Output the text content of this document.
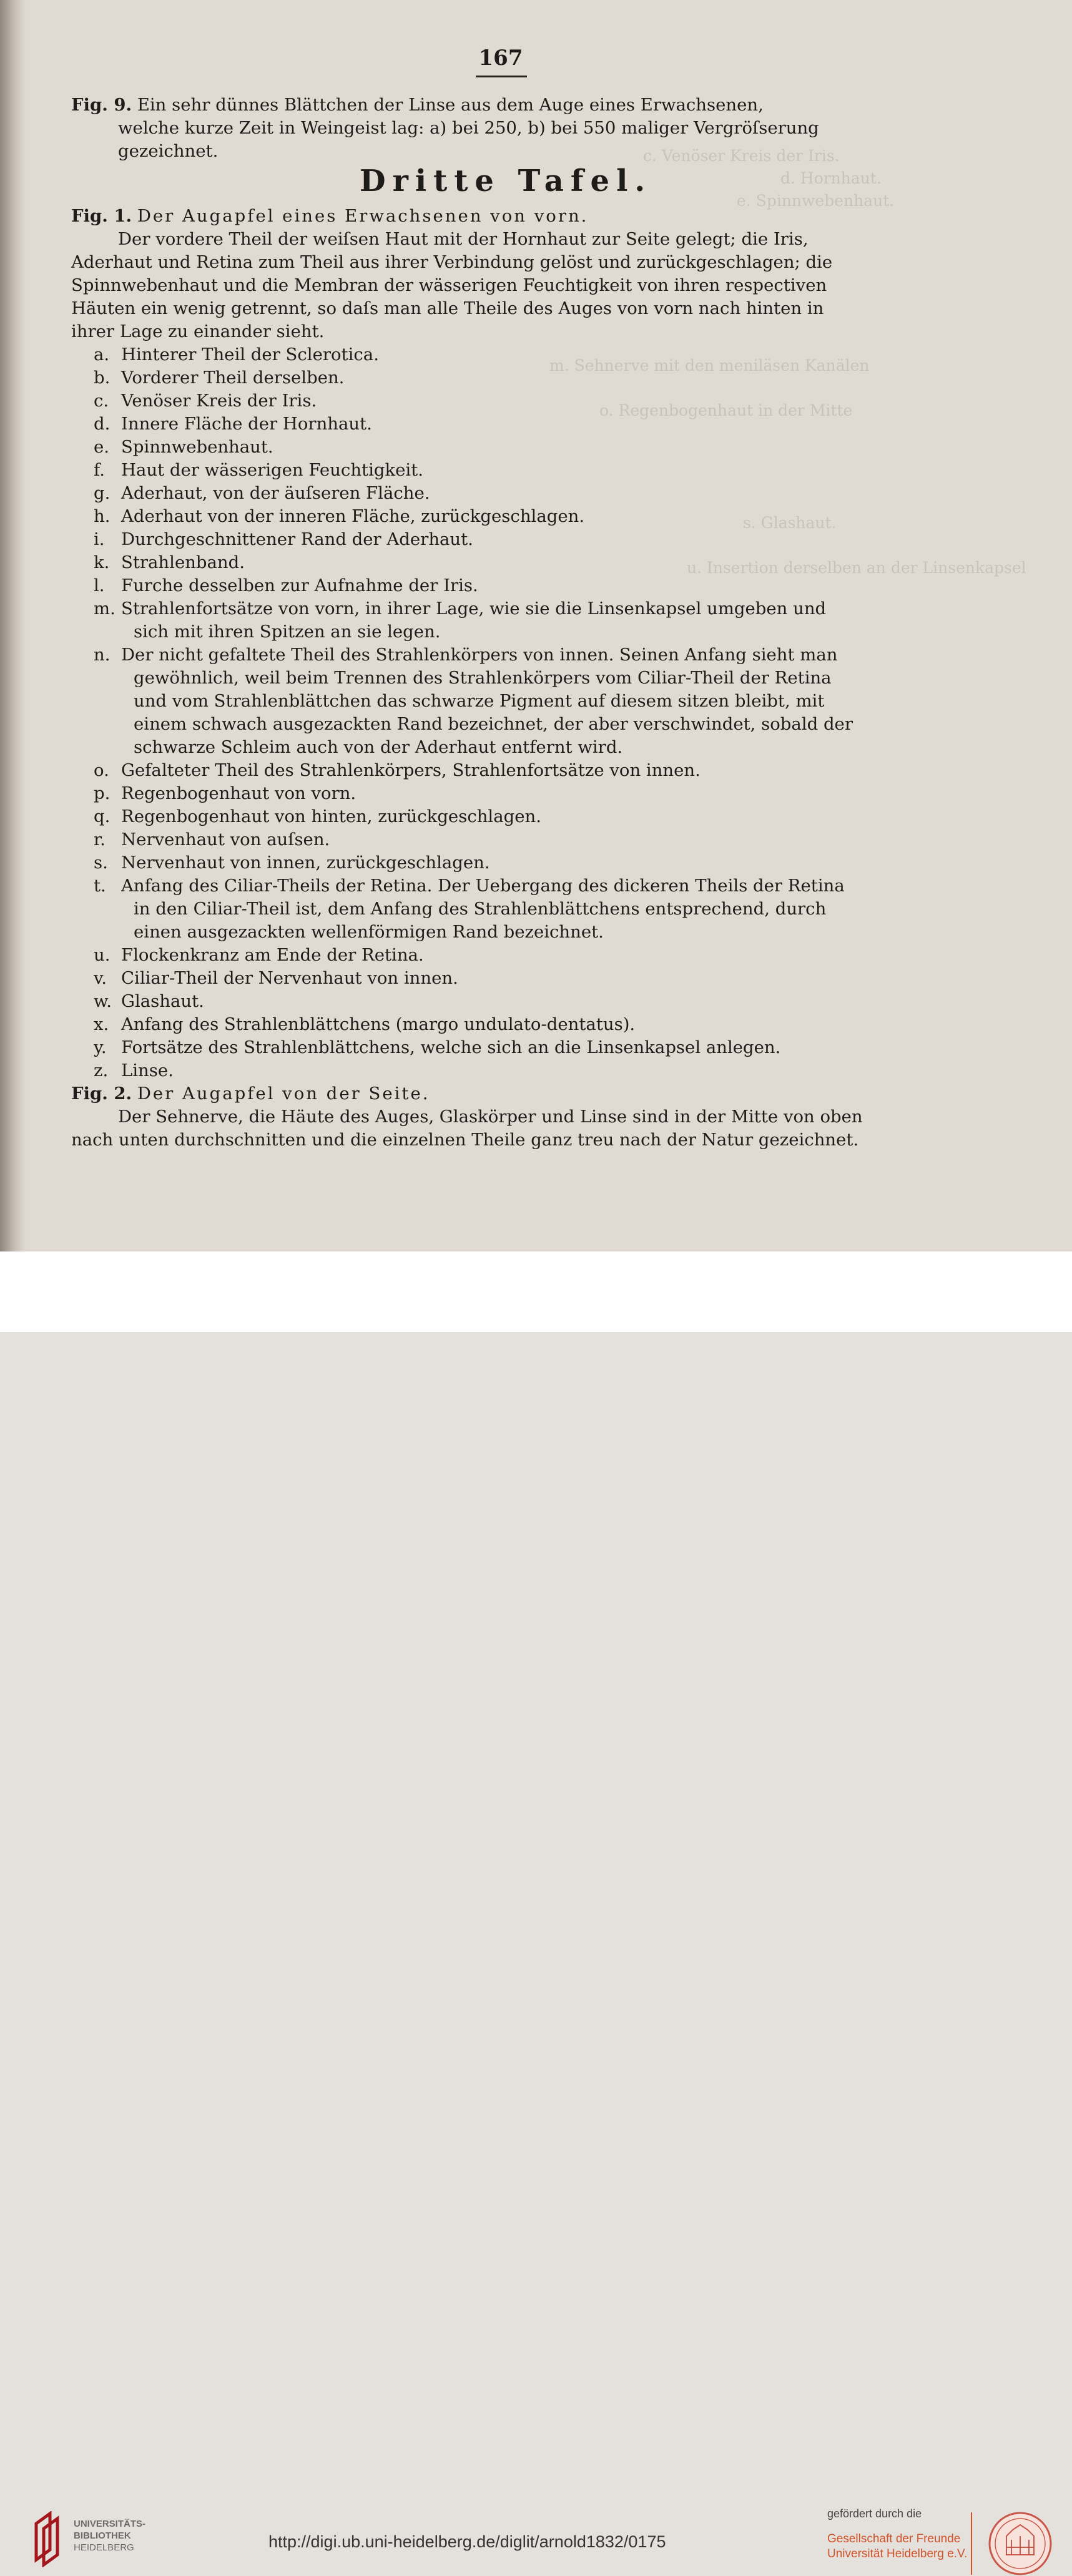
c. Venöser Kreis der Iris.
d. Hornhaut.
e. Spinnwebenhaut.
m. Sehnerve mit den meniläsen Kanälen
o. Regenbogenhaut in der Mitte
s. Glashaut.
u. Insertion derselben an der Linsenkapsel
167
Fig. 9. Ein sehr dünnes Blättchen der Linse aus dem Auge eines Erwachsenen,
welche kurze Zeit in Weingeist lag: a) bei 250, b) bei 550 maliger Vergröſserung
gezeichnet.
Dritte Tafel.
Fig. 1. Der Augapfel eines Erwachsenen von vorn.
Der vordere Theil der weiſsen Haut mit der Hornhaut zur Seite gelegt; die Iris,
Aderhaut und Retina zum Theil aus ihrer Verbindung gelöst und zurückgeschlagen; die
Spinnwebenhaut und die Membran der wässerigen Feuchtigkeit von ihren respectiven
Häuten ein wenig getrennt, so daſs man alle Theile des Auges von vorn nach hinten in
ihrer Lage zu einander sieht.
a. Hinterer Theil der Sclerotica.
b. Vorderer Theil derselben.
c. Venöser Kreis der Iris.
d. Innere Fläche der Hornhaut.
e. Spinnwebenhaut.
f. Haut der wässerigen Feuchtigkeit.
g. Aderhaut, von der äuſseren Fläche.
h. Aderhaut von der inneren Fläche, zurückgeschlagen.
i. Durchgeschnittener Rand der Aderhaut.
k. Strahlenband.
l. Furche desselben zur Aufnahme der Iris.
m. Strahlenfortsätze von vorn, in ihrer Lage, wie sie die Linsenkapsel umgeben und
sich mit ihren Spitzen an sie legen.
n. Der nicht gefaltete Theil des Strahlenkörpers von innen. Seinen Anfang sieht man
gewöhnlich, weil beim Trennen des Strahlenkörpers vom Ciliar-Theil der Retina
und vom Strahlenblättchen das schwarze Pigment auf diesem sitzen bleibt, mit
einem schwach ausgezackten Rand bezeichnet, der aber verschwindet, sobald der
schwarze Schleim auch von der Aderhaut entfernt wird.
o. Gefalteter Theil des Strahlenkörpers, Strahlenfortsätze von innen.
p. Regenbogenhaut von vorn.
q. Regenbogenhaut von hinten, zurückgeschlagen.
r. Nervenhaut von auſsen.
s. Nervenhaut von innen, zurückgeschlagen.
t. Anfang des Ciliar-Theils der Retina. Der Uebergang des dickeren Theils der Retina
in den Ciliar-Theil ist, dem Anfang des Strahlenblättchens entsprechend, durch
einen ausgezackten wellenförmigen Rand bezeichnet.
u. Flockenkranz am Ende der Retina.
v. Ciliar-Theil der Nervenhaut von innen.
w. Glashaut.
x. Anfang des Strahlenblättchens (margo undulato-dentatus).
y. Fortsätze des Strahlenblättchens, welche sich an die Linsenkapsel anlegen.
z. Linse.
Fig. 2. Der Augapfel von der Seite.
Der Sehnerve, die Häute des Auges, Glaskörper und Linse sind in der Mitte von oben
nach unten durchschnitten und die einzelnen Theile ganz treu nach der Natur gezeichnet.
UNIVERSITÄTS-
BIBLIOTHEK
HEIDELBERG	http://digi.ub.uni-heidelberg.de/diglit/arnold1832/0175
gefördert durch die
Gesellschaft der Freunde
Universität Heidelberg e.V.
